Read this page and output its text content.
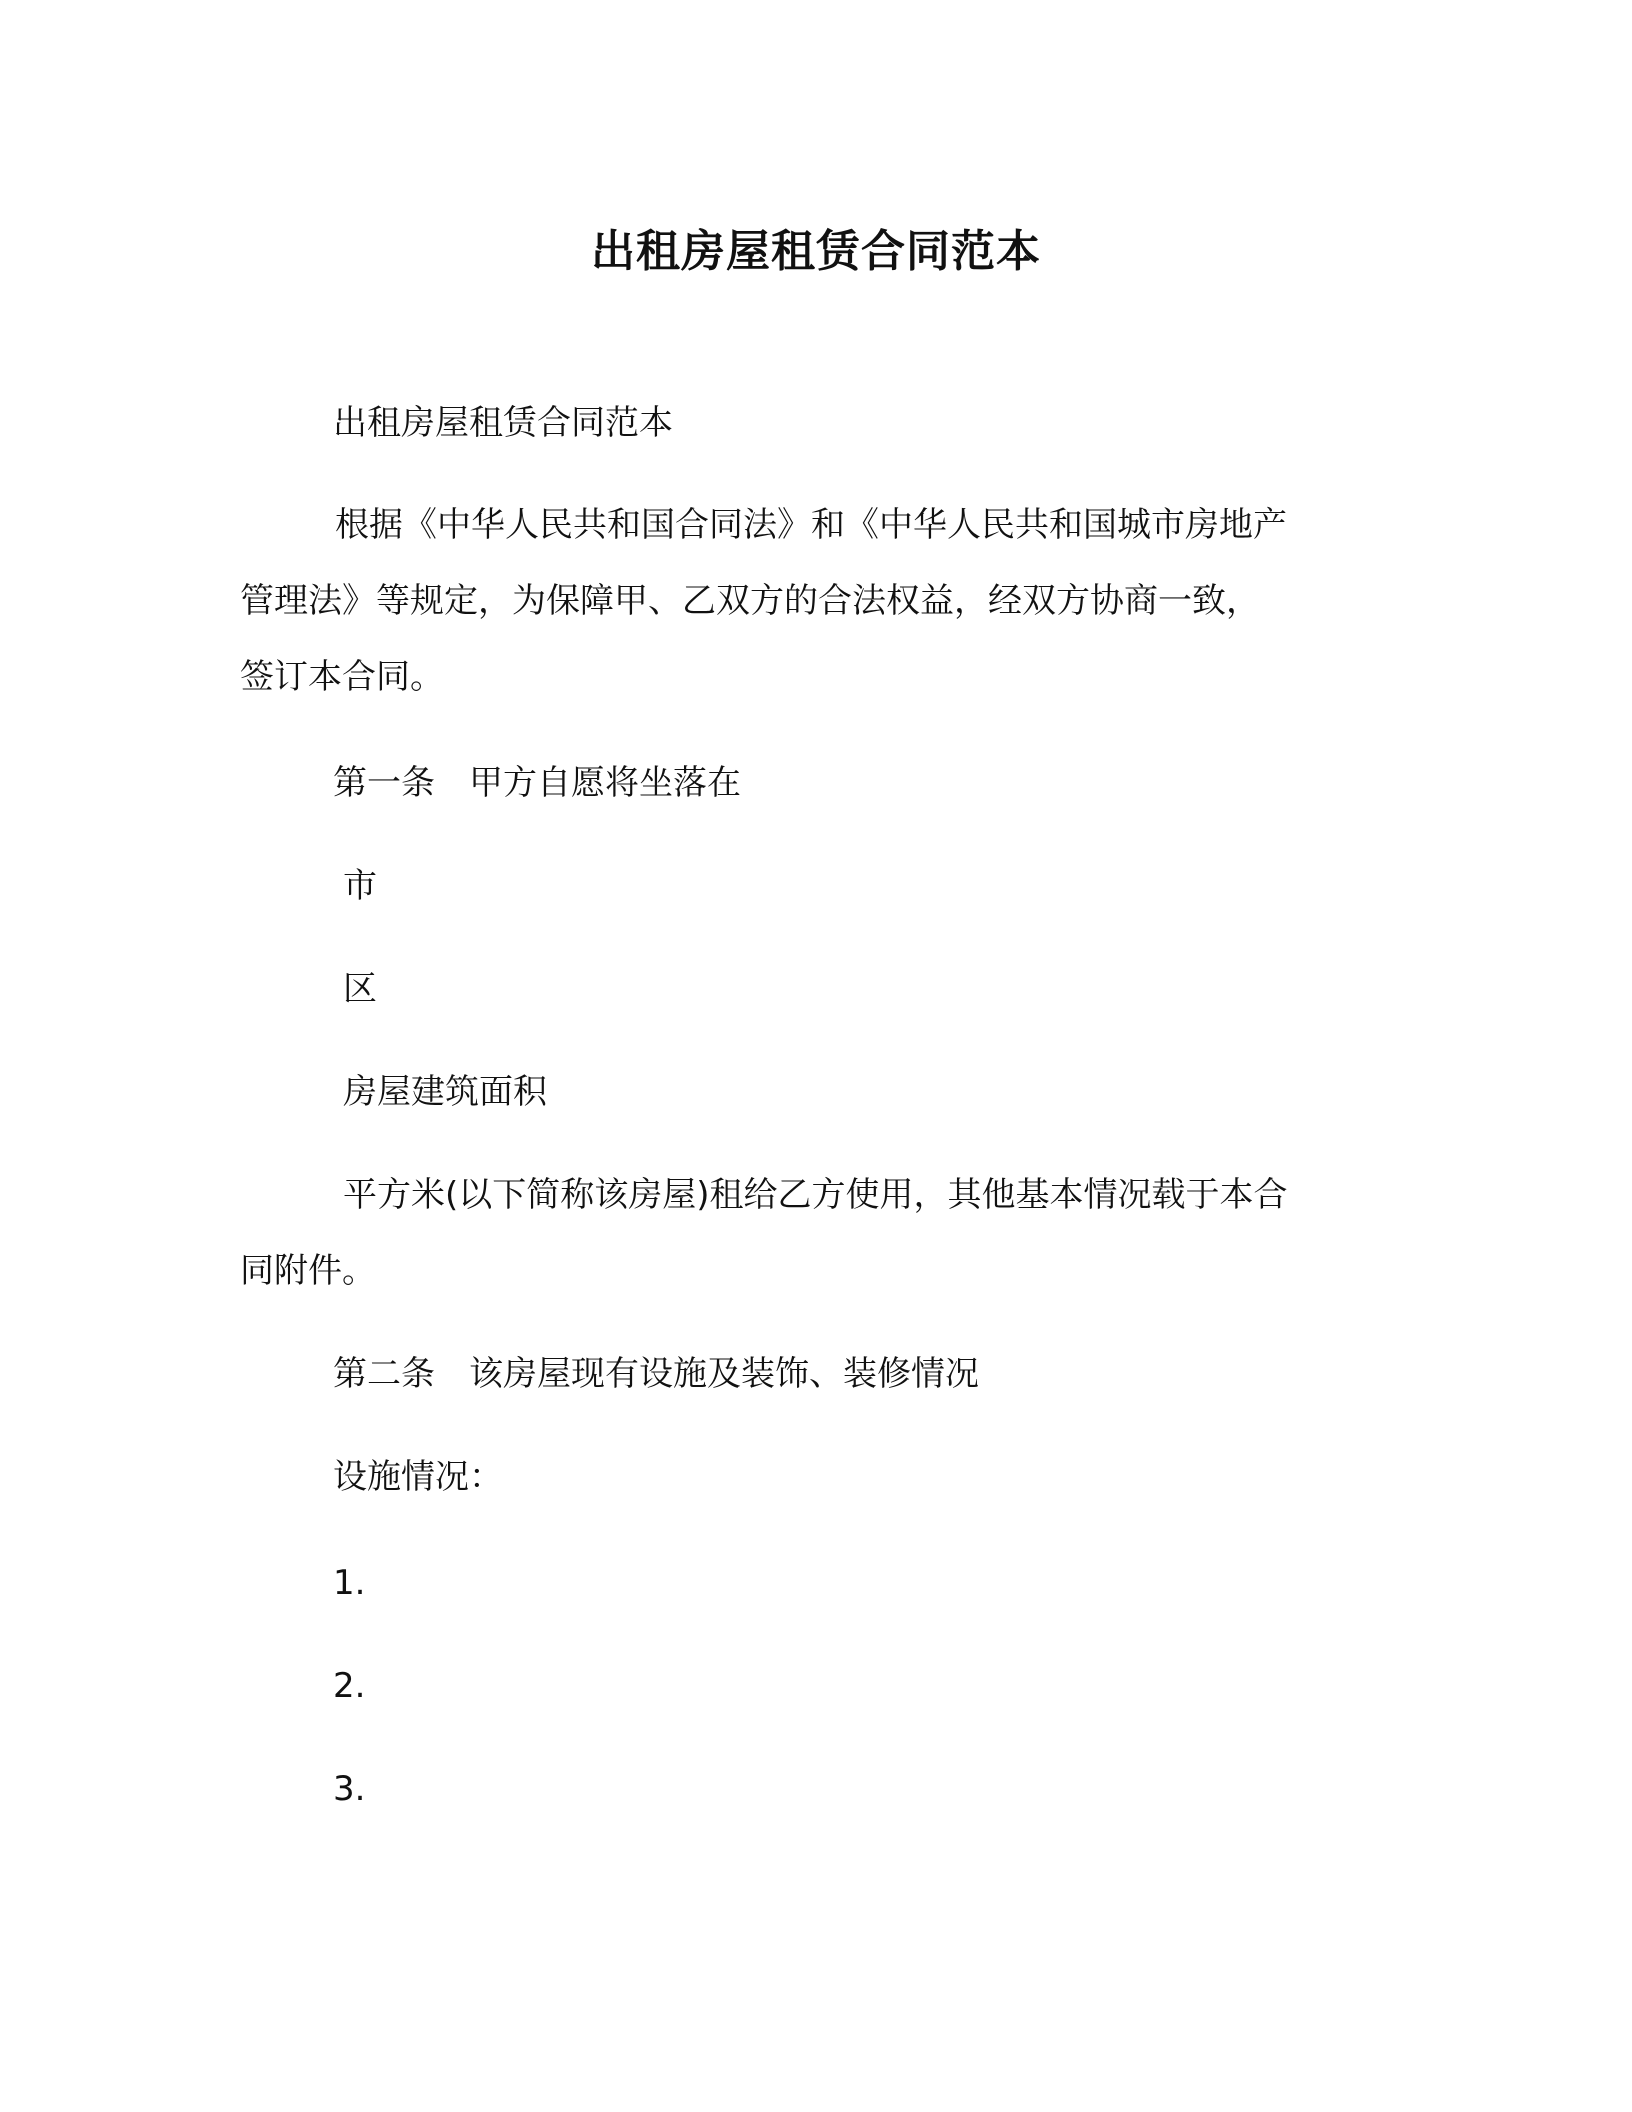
出租房屋租赁合同范本
出租房屋租赁合同范本
根据《中华人民共和国合同法》和《中华人民共和国城市房地产
管理法》等规定，为保障甲、乙双方的合法权益，经双方协商一致，
签订本合同。
第一条　甲方自愿将坐落在
市
区
房屋建筑面积
平方米(以下简称该房屋)租给乙方使用，其他基本情况载于本合
同附件。
第二条　该房屋现有设施及装饰、装修情况
设施情况：
1.
2.
3.
